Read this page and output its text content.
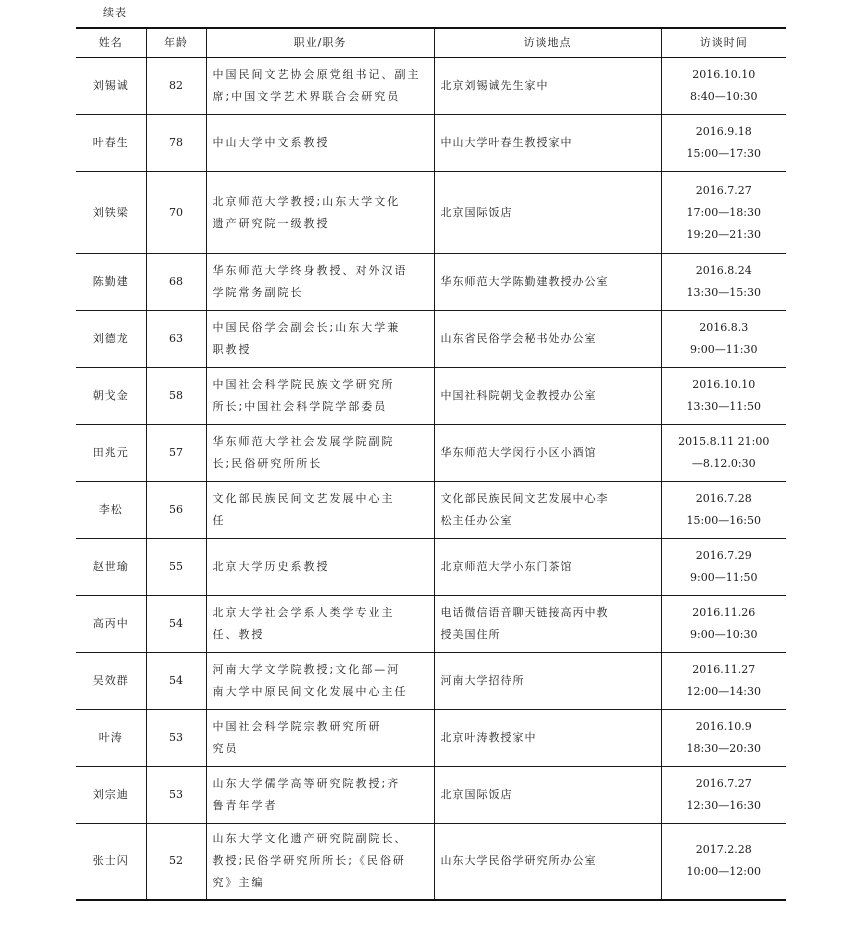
续表
姓名	年龄	职业/职务	访谈地点	访谈时间
刘锡诚	82	中国民间文艺协会原党组书记、副主
席;中国文学艺术界联合会研究员	北京刘锡诚先生家中	2016.10.10
8:40—10:30

叶春生	78	中山大学中文系教授	中山大学叶春生教授家中	2016.9.18
15:00—17:30

刘铁梁	70	北京师范大学教授;山东大学文化
遗产研究院一级教授	北京国际饭店	2016.7.27
17:00—18:30
19:20—21:30

陈勤建	68	华东师范大学终身教授、对外汉语
学院常务副院长	华东师范大学陈勤建教授办公室	2016.8.24
13:30—15:30

刘德龙	63	中国民俗学会副会长;山东大学兼
职教授	山东省民俗学会秘书处办公室	2016.8.3
9:00—11:30

朝戈金	58	中国社会科学院民族文学研究所
所长;中国社会科学院学部委员	中国社科院朝戈金教授办公室	2016.10.10
13:30—11:50

田兆元	57	华东师范大学社会发展学院副院
长;民俗研究所所长	华东师范大学闵行小区小酒馆	2015.8.11 21:00
—8.12.0:30

李松	56	文化部民族民间文艺发展中心主
任	文化部民族民间文艺发展中心李
松主任办公室	2016.7.28
15:00—16:50

赵世瑜	55	北京大学历史系教授	北京师范大学小东门茶馆	2016.7.29
9:00—11:50

高丙中	54	北京大学社会学系人类学专业主
任、教授	电话微信语音聊天链接高丙中教
授美国住所	2016.11.26
9:00—10:30

吴效群	54	河南大学文学院教授;文化部—河
南大学中原民间文化发展中心主任	河南大学招待所	2016.11.27
12:00—14:30

叶涛	53	中国社会科学院宗教研究所研
究员	北京叶涛教授家中	2016.10.9
18:30—20:30

刘宗迪	53	山东大学儒学高等研究院教授;齐
鲁青年学者	北京国际饭店	2016.7.27
12:30—16:30

张士闪	52	山东大学文化遗产研究院副院长、
教授;民俗学研究所所长;《民俗研
究》主编	山东大学民俗学研究所办公室	2017.2.28
10:00—12:00
